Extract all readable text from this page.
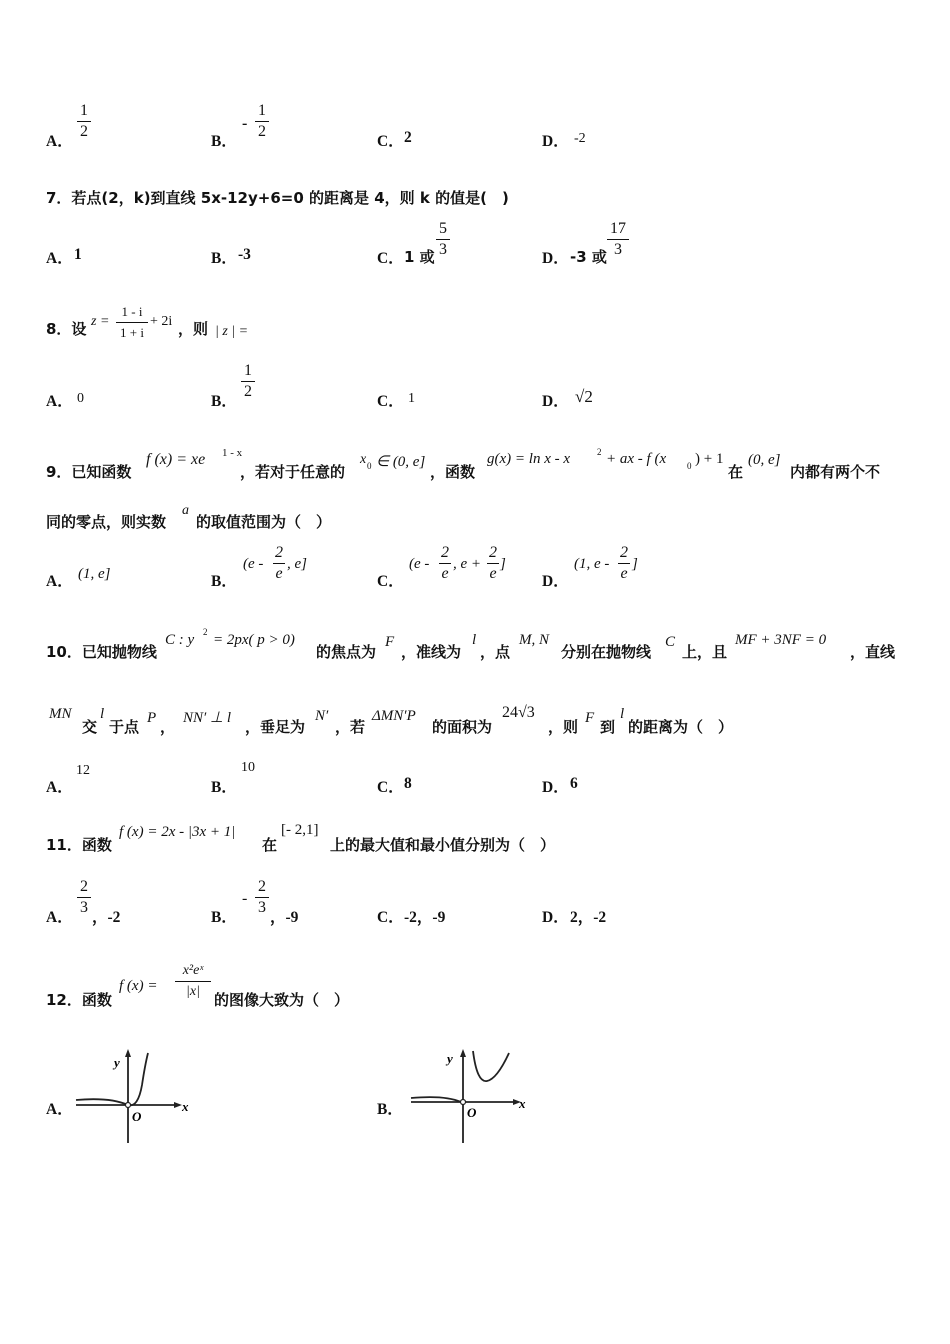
A．
1
2
B．
-
1
2
C． 2	D． -2
7．若点(2，k)到直线 5x-12y+6=0 的距离是 4，则 k 的值是(　)
A． 1	B． -3	C． 1 或
5
3
D． -3 或
17
3
8．设 z =
1 - i
1 + i
+ 2i ，则 | z | =
A． 0	B．
1
2
C． 1	D． √2
9．已知函数
f (x) = xe 1 - x
，若对于任意的
x 0 ∈ (0, e]
，函数
g(x) = ln x - x	2 + ax - f (x 0 ) + 1
在
(0, e]
内都有两个不
同的零点，则实数
a
的取值范围为（　）
A． (1, e]	B．
(e -
2
e
, e]
C．
(e -
2
e
, e +
2
e
]
D．
(1, e -
2
e
]
10．已知抛物线
C : y 2 = 2px( p > 0)
的焦点为
F
，准线为
l
，点
M, N
分别在抛物线
C
上，且
MF + 3NF = 0
，直线
MN
交
l
于点 P ， NN′ ⊥ l ，垂足为
N′
，若
ΔMN′P
的面积为
24√3
，则 F 到
l
的距离为（　）
A．
12
B．
10
C． 8	D． 6
11．函数
f (x) = 2x - |3x + 1|
在
[- 2,1]
上的最大值和最小值分别为（　）
A．
2
3
，-2	B．
-
2
3
，-9	C． -2，-9	D． 2，-2
12．函数
f (x) =
x²eˣ
|x| 的图像大致为（　）
A．
y
x
O	B．
y
x
O
